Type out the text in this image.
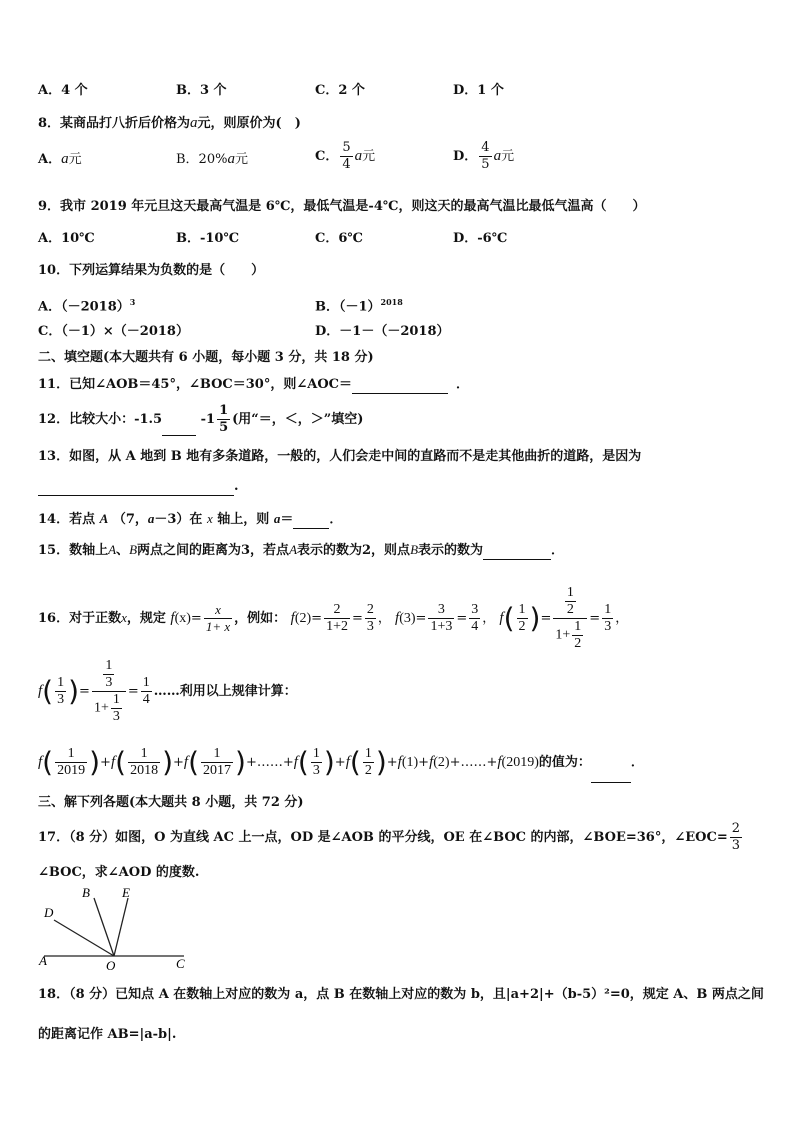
A．4 个	B．3 个	C．2 个	D．1 个
8．某商品打八折后价格为a元，则原价为(　)
A．a元	B．20%a元	C． $\frac{5}{4}$ a元	D． $\frac{4}{5}$ a元
9．我市 2019 年元旦这天最高气温是 6℃，最低气温是-4℃，则这天的最高气温比最低气温高（　　）
A．10℃	B．-10℃	C．6℃	D．-6℃
10．下列运算结果为负数的是（　　）
A．$(-2018)^3$	B．$(-1)^{2018}$
C．（－1）×（－2018）	D．－1－（－2018）
二、填空题(本大题共有 6 小题，每小题 3 分，共 18 分)
11．已知∠AOB＝45°，∠BOC＝30°，则∠AOC＝	．
12．比较大小：-1.5	$-1 \frac{1}{5}$ (用“＝，＜，＞”填空)
13．如图，从 A 地到 B 地有多条道路，一般的，人们会走中间的直路而不是走其他曲折的道路，是因为
.
14．若点 A （7，a－3）在 x 轴上，则 a＝	．
15．数轴上A、B两点之间的距离为3，若点A表示的数为2，则点B表示的数为	．
16．对于正数x，规定 $f(x)= \frac{x}{1+ x}$ ，例如： $f(2)= \frac{2}{1+2} = \frac{2}{3}$ ， $f(3)= \frac{3}{1+3} = \frac{3}{4}$ ， $f( \frac{1}{2}$ )= $\frac{\frac{1}{2}}{1+ \frac{1}{2}} = \frac{1}{3}$ ，
$f( \frac{1}{3}$ )= $\frac{\frac{1}{3}}{1+ \frac{1}{3}} = \frac{1}{4}$ ……利用以上规律计算：
$f( \frac{1}{2019} )+f( \frac{1}{2018} )+f( \frac{1}{2017}$ )+……+f( $\frac{1}{3} )+f( \frac{1}{2}$ )+f(1)+f(2)+……+f(2019)的值为：	．
三、解下列各题(本大题共 8 小题，共 72 分)
17．（8 分）如图，O 为直线 AC 上一点，OD 是∠AOB 的平分线，OE 在∠BOC 的内部，∠BOE=36°，∠EOC= $\frac{2}{3}$
∠BOC，求∠AOD 的度数.
A
B
C
D
E
O
18．（8 分）已知点 A 在数轴上对应的数为 a，点 B 在数轴上对应的数为 b，且|a+2|+（b-5）²=0，规定 A、B 两点之间
的距离记作 AB=|a-b|.
